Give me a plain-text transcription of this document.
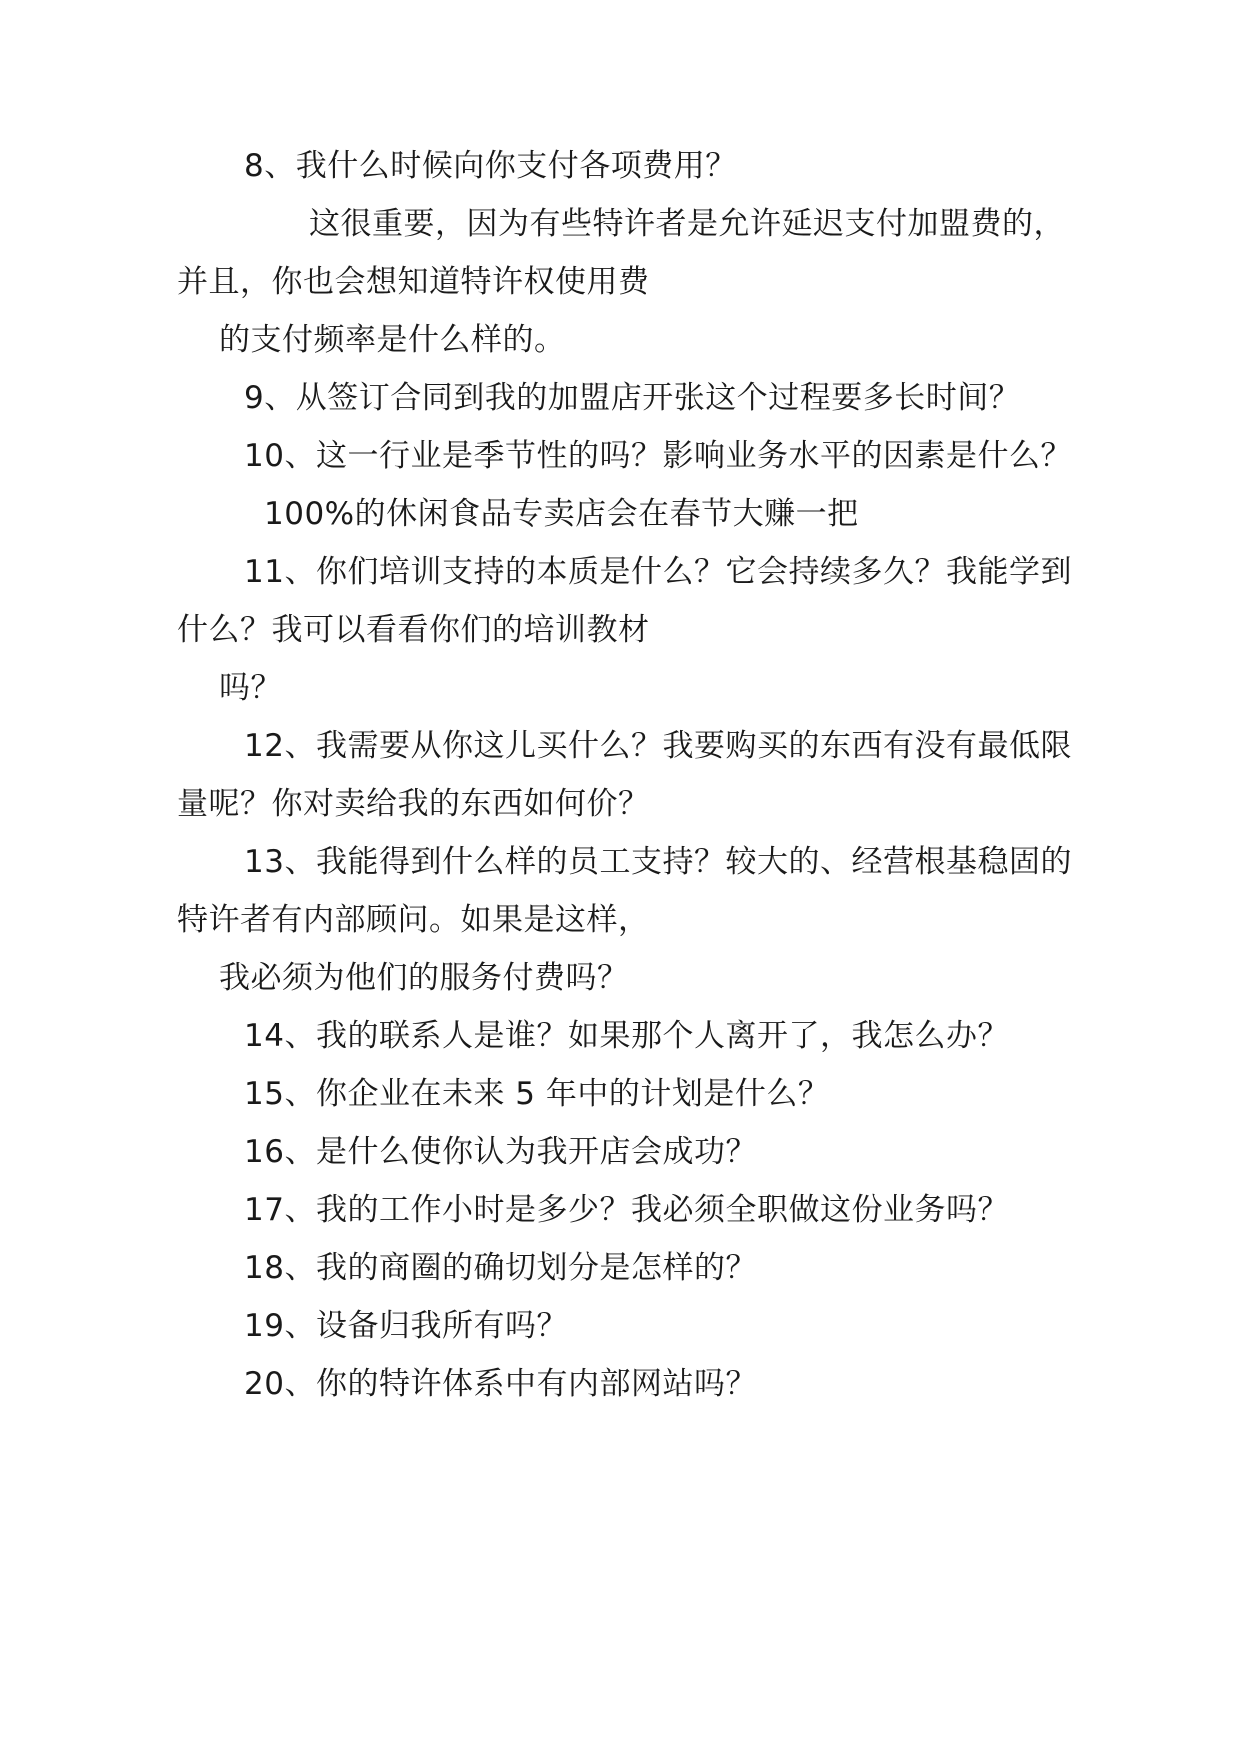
8、我什么时候向你支付各项费用？
这很重要，因为有些特许者是允许延迟支付加盟费的，
并且，你也会想知道特许权使用费
的支付频率是什么样的。
9、从签订合同到我的加盟店开张这个过程要多长时间？
10、这一行业是季节性的吗？影响业务水平的因素是什么？
100%的休闲食品专卖店会在春节大赚一把
11、你们培训支持的本质是什么？它会持续多久？我能学到
什么？我可以看看你们的培训教材
吗？
12、我需要从你这儿买什么？我要购买的东西有没有最低限
量呢？你对卖给我的东西如何价？
13、我能得到什么样的员工支持？较大的、经营根基稳固的
特许者有内部顾问。如果是这样，
我必须为他们的服务付费吗？
14、我的联系人是谁？如果那个人离开了，我怎么办？
15、你企业在未来 5 年中的计划是什么？
16、是什么使你认为我开店会成功？
17、我的工作小时是多少？我必须全职做这份业务吗？
18、我的商圈的确切划分是怎样的？
19、设备归我所有吗？
20、你的特许体系中有内部网站吗？
